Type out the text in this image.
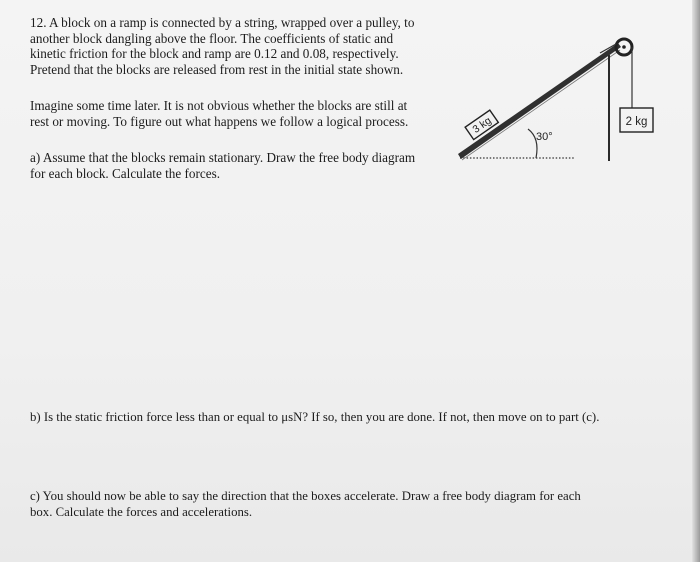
12. A block on a ramp is connected by a string, wrapped over a pulley, to
another block dangling above the floor. The coefficients of static and
kinetic friction for the block and ramp are 0.12 and 0.08, respectively.
Pretend that the blocks are released from rest in the initial state shown.
Imagine some time later. It is not obvious whether the blocks are still at
rest or moving. To figure out what happens we follow a logical process.
a) Assume that the blocks remain stationary. Draw the free body diagram
for each block. Calculate the forces.
3 kg
30°
2 kg
b) Is the static friction force less than or equal to μsN? If so, then you are done. If not, then move on to part (c).
c) You should now be able to say the direction that the boxes accelerate. Draw a free body diagram for each
box. Calculate the forces and accelerations.
